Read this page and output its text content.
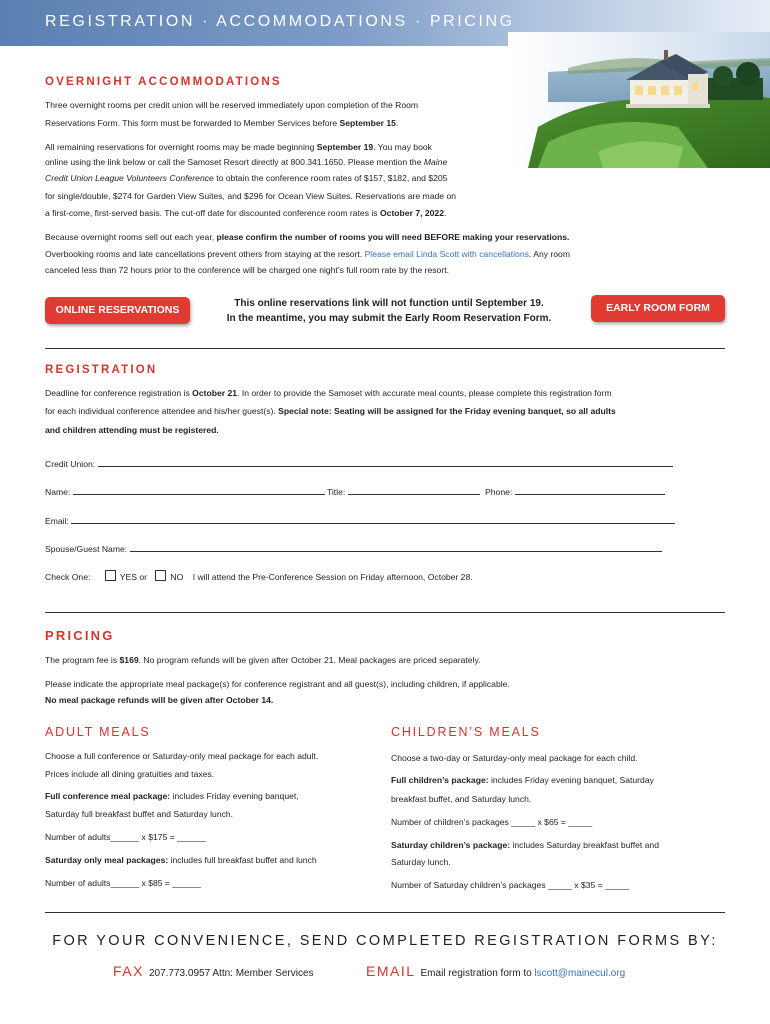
REGISTRATION · ACCOMMODATIONS · PRICING
OVERNIGHT ACCOMMODATIONS
Three overnight rooms per credit union will be reserved immediately upon completion of the Room
Reservations Form. This form must be forwarded to Member Services before September 15.
All remaining reservations for overnight rooms may be made beginning September 19. You may book
online using the link below or call the Samoset Resort directly at 800.341.1650. Please mention the Maine
Credit Union League Volunteers Conference to obtain the conference room rates of $157, $182, and $205
for single/double, $274 for Garden View Suites, and $296 for Ocean View Suites. Reservations are made on
a first-come, first-served basis. The cut-off date for discounted conference room rates is October 7, 2022.
Because overnight rooms sell out each year, please confirm the number of rooms you will need BEFORE making your reservations.
Overbooking rooms and late cancellations prevent others from staying at the resort. Please email Linda Scott with cancellations. Any room
canceled less than 72 hours prior to the conference will be charged one night’s full room rate by the resort.
ONLINE RESERVATIONS
This online reservations link will not function until September 19.
In the meantime, you may submit the Early Room Reservation Form.
EARLY ROOM FORM
REGISTRATION
Deadline for conference registration is October 21. In order to provide the Samoset with accurate meal counts, please complete this registration form
for each individual conference attendee and his/her guest(s). Special note: Seating will be assigned for the Friday evening banquet, so all adults
and children attending must be registered.
Credit Union:
Name:	Title:	Phone:
Email:
Spouse/Guest Name:
Check One:	YES or	NO I will attend the Pre-Conference Session on Friday afternoon, October 28.
PRICING
The program fee is $169. No program refunds will be given after October 21. Meal packages are priced separately.
Please indicate the appropriate meal package(s) for conference registrant and all guest(s), including children, if applicable.
No meal package refunds will be given after October 14.
ADULT MEALS
Choose a full conference or Saturday-only meal package for each adult.
Prices include all dining gratuities and taxes.
Full conference meal package: includes Friday evening banquet,
Saturday full breakfast buffet and Saturday lunch.
Number of adults______ x $175 = ______
Saturday only meal packages: includes full breakfast buffet and lunch
Number of adults______ x $85 = ______
CHILDREN’S MEALS
Choose a two-day or Saturday-only meal package for each child.
Full children’s package: includes Friday evening banquet, Saturday
breakfast buffet, and Saturday lunch.
Number of children’s packages _____ x $65 = _____
Saturday children’s package: includes Saturday breakfast buffet and
Saturday lunch.
Number of Saturday children’s packages _____ x $35 = _____
FOR YOUR CONVENIENCE, SEND COMPLETED REGISTRATION FORMS BY:
FAX 207.773.0957 Attn: Member Services	EMAIL Email registration form to lscott@mainecul.org
